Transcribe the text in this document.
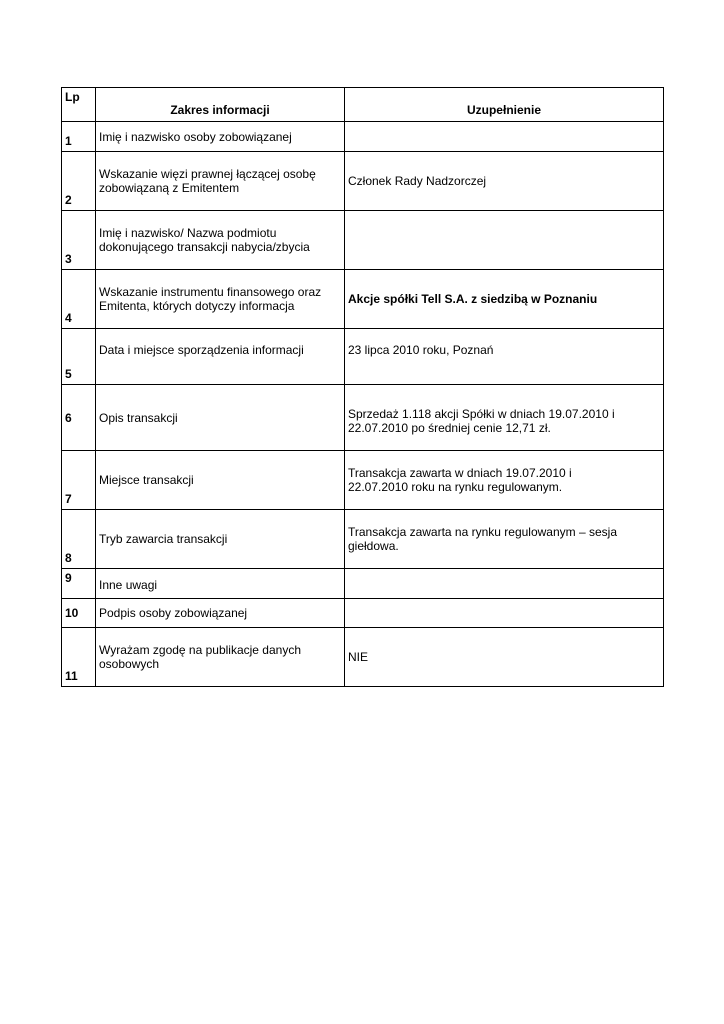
Lp	Zakres informacji	Uzupełnienie
1	Imię i nazwisko osoby zobowiązanej	
2	Wskazanie więzi prawnej łączącej osobę
zobowiązaną z Emitentem	Członek Rady Nadzorczej
3	Imię i nazwisko/ Nazwa podmiotu
dokonującego transakcji nabycia/zbycia	

4	Wskazanie instrumentu finansowego oraz
Emitenta, których dotyczy informacja	Akcje spółki Tell S.A. z siedzibą w Poznaniu
5	Data i miejsce sporządzenia informacji	23 lipca 2010 roku, Poznań
6	Opis transakcji	Sprzedaż 1.118 akcji Spółki w dniach 19.07.2010 i
22.07.2010 po średniej cenie 12,71 zł.

7	Miejsce transakcji	Transakcja zawarta w dniach 19.07.2010 i
22.07.2010 roku na rynku regulowanym.

8	Tryb zawarcia transakcji	Transakcja zawarta na rynku regulowanym – sesja
giełdowa.

9	Inne uwagi	
10	Podpis osoby zobowiązanej	
11	Wyrażam zgodę na publikacje danych
osobowych	NIE
